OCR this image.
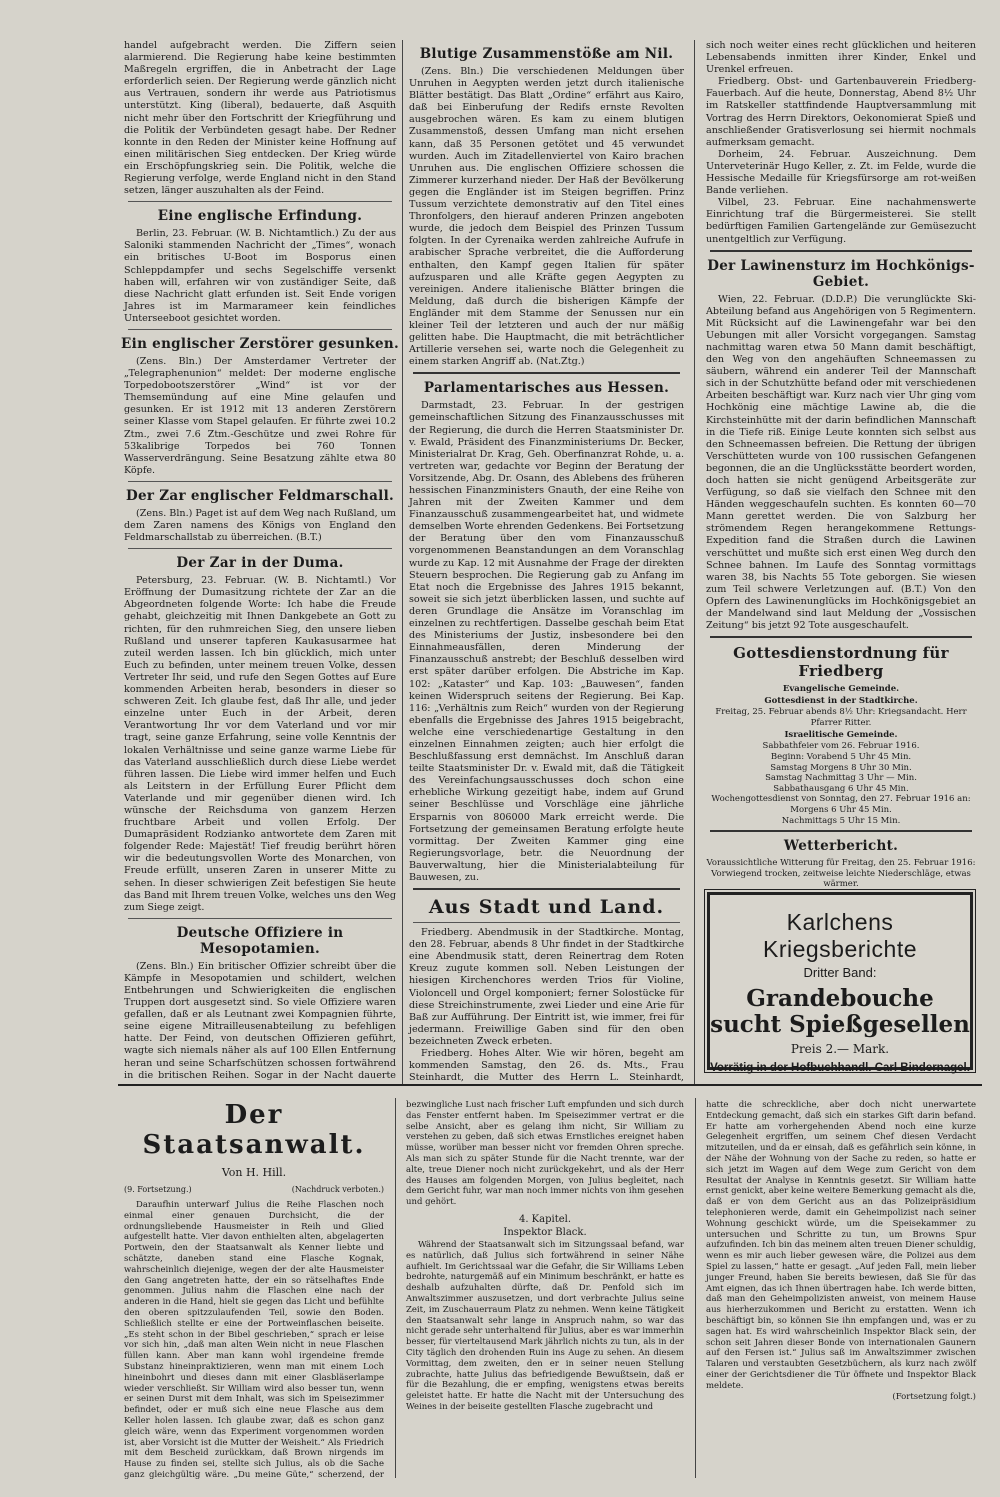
handel aufgebracht werden. Die Ziffern seien alarmierend. Die Regierung habe keine bestimmten Maßregeln ergriffen, die in Anbetracht der Lage erforderlich seien. Der Regierung werde gänzlich nicht aus Vertrauen, sondern ihr werde aus Patriotismus unterstützt. King (liberal), bedauerte, daß Asquith nicht mehr über den Fortschritt der Kriegführung und die Politik der Verbündeten gesagt habe. Der Redner konnte in den Reden der Minister keine Hoffnung auf einen militärischen Sieg entdecken. Der Krieg würde ein Erschöpfungskrieg sein. Die Politik, welche die Regierung verfolge, werde England nicht in den Stand setzen, länger auszuhalten als der Feind.

Eine englische Erfindung.

Berlin, 23. Februar. (W. B. Nichtamtlich.) Zu der aus Saloniki stammenden Nachricht der „Times“, wonach ein britisches U-Boot im Bosporus einen Schleppdampfer und sechs Segelschiffe versenkt haben will, erfahren wir von zuständiger Seite, daß diese Nachricht glatt erfunden ist. Seit Ende vorigen Jahres ist im Marmarameer kein feindliches Unterseeboot gesichtet worden.

Ein englischer Zerstörer gesunken.

(Zens. Bln.) Der Amsterdamer Vertreter der „Telegraphenunion“ meldet: Der moderne englische Torpedobootszerstörer „Wind“ ist vor der Themsemündung auf eine Mine gelaufen und gesunken. Er ist 1912 mit 13 anderen Zerstörern seiner Klasse vom Stapel gelaufen. Er führte zwei 10.2 Ztm., zwei 7.6 Ztm.-Geschütze und zwei Rohre für 53kalibrige Torpedos bei 760 Tonnen Wasserverdrängung. Seine Besatzung zählte etwa 80 Köpfe.

Der Zar englischer Feldmarschall.

(Zens. Bln.) Paget ist auf dem Weg nach Rußland, um dem Zaren namens des Königs von England den Feldmarschallstab zu überreichen. (B.T.)

Der Zar in der Duma.

Petersburg, 23. Februar. (W. B. Nichtamtl.) Vor Eröffnung der Dumasitzung richtete der Zar an die Abgeordneten folgende Worte: Ich habe die Freude gehabt, gleichzeitig mit Ihnen Dankgebete an Gott zu richten, für den ruhmreichen Sieg, den unsere lieben Rußland und unserer tapferen Kaukasusarmee hat zuteil werden lassen. Ich bin glücklich, mich unter Euch zu befinden, unter meinem treuen Volke, dessen Vertreter Ihr seid, und rufe den Segen Gottes auf Eure kommenden Arbeiten herab, besonders in dieser so schweren Zeit. Ich glaube fest, daß Ihr alle, und jeder einzelne unter Euch in der Arbeit, deren Verantwortung Ihr vor dem Vaterland und vor mir tragt, seine ganze Erfahrung, seine volle Kenntnis der lokalen Verhältnisse und seine ganze warme Liebe für das Vaterland ausschließlich durch diese Liebe werdet führen lassen. Die Liebe wird immer helfen und Euch als Leitstern in der Erfüllung Eurer Pflicht dem Vaterlande und mir gegenüber dienen wird. Ich wünsche der Reichsduma von ganzem Herzen fruchtbare Arbeit und vollen Erfolg. Der Dumapräsident Rodzianko antwortete dem Zaren mit folgender Rede: Majestät! Tief freudig berührt hören wir die bedeutungsvollen Worte des Monarchen, von Freude erfüllt, unseren Zaren in unserer Mitte zu sehen. In dieser schwierigen Zeit befestigen Sie heute das Band mit Ihrem treuen Volke, welches uns den Weg zum Siege zeigt.

Deutsche Offiziere in Mesopotamien.

(Zens. Bln.) Ein britischer Offizier schreibt über die Kämpfe in Mesopotamien und schildert, welchen Entbehrungen und Schwierigkeiten die englischen Truppen dort ausgesetzt sind. So viele Offiziere waren gefallen, daß er als Leutnant zwei Kompagnien führte, seine eigene Mitrailleusenabteilung zu befehligen hatte. Der Feind, von deutschen Offizieren geführt, wagte sich niemals näher als auf 100 Ellen Entfernung heran und seine Scharfschützen schossen fortwährend in die britischen Reihen. Sogar in der Nacht dauerte

Blutige Zusammenstöße am Nil.

(Zens. Bln.) Die verschiedenen Meldungen über Unruhen in Aegypten werden jetzt durch italienische Blätter bestätigt. Das Blatt „Ordine“ erfährt aus Kairo, daß bei Einberufung der Redifs ernste Revolten ausgebrochen wären. Es kam zu einem blutigen Zusammenstoß, dessen Umfang man nicht ersehen kann, daß 35 Personen getötet und 45 verwundet wurden. Auch im Zitadellenviertel von Kairo brachen Unruhen aus. Die englischen Offiziere schossen die Zimmerer kurzerhand nieder. Der Haß der Bevölkerung gegen die Engländer ist im Steigen begriffen. Prinz Tussum verzichtete demonstrativ auf den Titel eines Thronfolgers, den hierauf anderen Prinzen angeboten wurde, die jedoch dem Beispiel des Prinzen Tussum folgten. In der Cyrenaika werden zahlreiche Aufrufe in arabischer Sprache verbreitet, die die Aufforderung enthalten, den Kampf gegen Italien für später aufzusparen und alle Kräfte gegen Aegypten zu vereinigen. Andere italienische Blätter bringen die Meldung, daß durch die bisherigen Kämpfe der Engländer mit dem Stamme der Senussen nur ein kleiner Teil der letzteren und auch der nur mäßig gelitten habe. Die Hauptmacht, die mit beträchtlicher Artillerie versehen sei, warte noch die Gelegenheit zu einem starken Angriff ab. (Nat.Ztg.)

Parlamentarisches aus Hessen.

Darmstadt, 23. Februar. In der gestrigen gemeinschaftlichen Sitzung des Finanzausschusses mit der Regierung, die durch die Herren Staatsminister Dr. v. Ewald, Präsident des Finanzministeriums Dr. Becker, Ministerialrat Dr. Krag, Geh. Oberfinanzrat Rohde, u. a. vertreten war, gedachte vor Beginn der Beratung der Vorsitzende, Abg. Dr. Osann, des Ablebens des früheren hessischen Finanzministers Gnauth, der eine Reihe von Jahren mit der Zweiten Kammer und dem Finanzausschuß zusammengearbeitet hat, und widmete demselben Worte ehrenden Gedenkens. Bei Fortsetzung der Beratung über den vom Finanzausschuß vorgenommenen Beanstandungen an dem Voranschlag wurde zu Kap. 12 mit Ausnahme der Frage der direkten Steuern besprochen. Die Regierung gab zu Anfang im Etat noch die Ergebnisse des Jahres 1915 bekannt, soweit sie sich jetzt überblicken lassen, und suchte auf deren Grundlage die Ansätze im Voranschlag im einzelnen zu rechtfertigen. Dasselbe geschah beim Etat des Ministeriums der Justiz, insbesondere bei den Einnahmeausfällen, deren Minderung der Finanzausschuß anstrebt; der Beschluß desselben wird erst später darüber erfolgen. Die Abstriche im Kap. 102: „Kataster“ und Kap. 103: „Bauwesen“, fanden keinen Widerspruch seitens der Regierung. Bei Kap. 116: „Verhältnis zum Reich“ wurden von der Regierung ebenfalls die Ergebnisse des Jahres 1915 beigebracht, welche eine verschiedenartige Gestaltung in den einzelnen Einnahmen zeigten; auch hier erfolgt die Beschlußfassung erst demnächst. Im Anschluß daran teilte Staatsminister Dr. v. Ewald mit, daß die Tätigkeit des Vereinfachungsausschusses doch schon eine erhebliche Wirkung gezeitigt habe, indem auf Grund seiner Beschlüsse und Vorschläge eine jährliche Ersparnis von 806000 Mark erreicht werde. Die Fortsetzung der gemeinsamen Beratung erfolgte heute vormittag. Der Zweiten Kammer ging eine Regierungsvorlage, betr. die Neuordnung der Bauverwaltung, hier die Ministerialabteilung für Bauwesen, zu.

Aus Stadt und Land.

Friedberg. Abendmusik in der Stadtkirche. Montag, den 28. Februar, abends 8 Uhr findet in der Stadtkirche eine Abendmusik statt, deren Reinertrag dem Roten Kreuz zugute kommen soll. Neben Leistungen der hiesigen Kirchenchores werden Trios für Violine, Violoncell und Orgel komponiert; ferner Solostücke für diese Streichinstrumente, zwei Lieder und eine Arie für Baß zur Aufführung. Der Eintritt ist, wie immer, frei für jedermann. Freiwillige Gaben sind für den oben bezeichneten Zweck erbeten.

Friedberg. Hohes Alter. Wie wir hören, begeht am kommenden Samstag, den 26. ds. Mts., Frau Steinhardt, die Mutter des Herrn L. Steinhardt,

sich noch weiter eines recht glücklichen und heiteren Lebensabends inmitten ihrer Kinder, Enkel und Urenkel erfreuen.

Friedberg. Obst- und Gartenbauverein Friedberg-Fauerbach. Auf die heute, Donnerstag, Abend 8½ Uhr im Ratskeller stattfindende Hauptversammlung mit Vortrag des Herrn Direktors, Oekonomierat Spieß und anschließender Gratisverlosung sei hiermit nochmals aufmerksam gemacht.

Dorheim, 24. Februar. Auszeichnung. Dem Unterveterinär Hugo Keller, z. Zt. im Felde, wurde die Hessische Medaille für Kriegsfürsorge am rot-weißen Bande verliehen.

Vilbel, 23. Februar. Eine nachahmenswerte Einrichtung traf die Bürgermeisterei. Sie stellt bedürftigen Familien Gartengelände zur Gemüsezucht unentgeltlich zur Verfügung.

Der Lawinensturz im Hochkönigs-Gebiet.

Wien, 22. Februar. (D.D.P.) Die verunglückte Ski-Abteilung befand aus Angehörigen von 5 Regimentern. Mit Rücksicht auf die Lawinengefahr war bei den Uebungen mit aller Vorsicht vorgegangen. Samstag nachmittag waren etwa 50 Mann damit beschäftigt, den Weg von den angehäuften Schneemassen zu säubern, während ein anderer Teil der Mannschaft sich in der Schutzhütte befand oder mit verschiedenen Arbeiten beschäftigt war. Kurz nach vier Uhr ging vom Hochkönig eine mächtige Lawine ab, die die Kirchsteinhütte mit der darin befindlichen Mannschaft in die Tiefe riß. Einige Leute konnten sich selbst aus den Schneemassen befreien. Die Rettung der übrigen Verschütteten wurde von 100 russischen Gefangenen begonnen, die an die Unglücksstätte beordert worden, doch hatten sie nicht genügend Arbeitsgeräte zur Verfügung, so daß sie vielfach den Schnee mit den Händen weggeschaufeln suchten. Es konnten 60—70 Mann gerettet werden. Die von Salzburg her strömendem Regen herangekommene Rettungs-Expedition fand die Straßen durch die Lawinen verschüttet und mußte sich erst einen Weg durch den Schnee bahnen. Im Laufe des Sonntag vormittags waren 38, bis Nachts 55 Tote geborgen. Sie wiesen zum Teil schwere Verletzungen auf. (B.T.) Von den Opfern des Lawinenunglücks im Hochkönigsgebiet an der Mandelwand sind laut Meldung der „Vossischen Zeitung“ bis jetzt 92 Tote ausgeschaufelt.

Gottesdienstordnung für Friedberg
Evangelische Gemeinde.
Gottesdienst in der Stadtkirche.
Freitag, 25. Februar abends 8½ Uhr: Kriegsandacht. Herr Pfarrer Ritter.
Israelitische Gemeinde.
Sabbathfeier vom 26. Februar 1916.
Beginn: Vorabend 5 Uhr 45 Min.
Samstag Morgens 8 Uhr 30 Min.
Samstag Nachmittag 3 Uhr — Min.
Sabbathausgang 6 Uhr 45 Min.
Wochengottesdienst von Sonntag, den 27. Februar 1916 an:
Morgens 6 Uhr 45 Min.
Nachmittags 5 Uhr 15 Min.
Wetterbericht.
Voraussichtliche Witterung für Freitag, den 25. Februar 1916:
Vorwiegend trocken, zeitweise leichte Niederschläge, etwas wärmer.
Karlchens Kriegsberichte
Dritter Band:
Grandebouche
sucht Spießgesellen
Preis 2.— Mark.
Vorrätig in der Hofbuchhandl. Carl Bindernagel.
Der Staatsanwalt.
Von H. Hill.
(9. Fortsetzung.)	(Nachdruck verboten.)

Daraufhin unterwarf Julius die Reihe Flaschen noch einmal einer genauen Durchsicht, die der ordnungsliebende Hausmeister in Reih und Glied aufgestellt hatte. Vier davon enthielten alten, abgelagerten Portwein, den der Staatsanwalt als Kenner liebte und schätzte, daneben stand eine Flasche Kognak, wahrscheinlich diejenige, wegen der der alte Hausmeister den Gang angetreten hatte, der ein so rätselhaftes Ende genommen. Julius nahm die Flaschen eine nach der anderen in die Hand, hielt sie gegen das Licht und befühlte den oberen spitzzulaufenden Teil, sowie den Boden. Schließlich stellte er eine der Portweinflaschen beiseite. „Es steht schon in der Bibel geschrieben,“ sprach er leise vor sich hin, „daß man alten Wein nicht in neue Flaschen füllen kann. Aber man kann wohl irgendeine fremde Substanz hineinpraktizieren, wenn man mit einem Loch hineinbohrt und dieses dann mit einer Glasbläserlampe wieder verschließt. Sir William wird also besser tun, wenn er seinen Durst mit dem Inhalt, was sich im Speisezimmer befindet, oder er muß sich eine neue Flasche aus dem Keller holen lassen. Ich glaube zwar, daß es schon ganz gleich wäre, wenn das Experiment vorgenommen worden ist, aber Vorsicht ist die Mutter der Weisheit.“ Als Friedrich mit dem Bescheid zurückkam, daß Brown nirgends im Hause zu finden sei, stellte sich Julius, als ob die Sache ganz gleichgültig wäre. „Du meine Güte,“ scherzend, der

bezwingliche Lust nach frischer Luft empfunden und sich durch das Fenster entfernt haben. Im Speisezimmer vertrat er die selbe Ansicht, aber es gelang ihm nicht, Sir William zu verstehen zu geben, daß sich etwas Ernstliches ereignet haben müsse, worüber man besser nicht vor fremden Ohren spreche. Als man sich zu später Stunde für die Nacht trennte, war der alte, treue Diener noch nicht zurückgekehrt, und als der Herr des Hauses am folgenden Morgen, von Julius begleitet, nach dem Gericht fuhr, war man noch immer nichts von ihm gesehen und gehört.

4. Kapitel.
Inspektor Black.

Während der Staatsanwalt sich im Sitzungssaal befand, war es natürlich, daß Julius sich fortwährend in seiner Nähe aufhielt. Im Gerichtssaal war die Gefahr, die Sir Williams Leben bedrohte, naturgemäß auf ein Minimum beschränkt, er hatte es deshalb aufzuhalten dürfte, daß Dr. Penfold sich im Anwaltszimmer auszusetzen, und dort verbrachte Julius seine Zeit, im Zuschauerraum Platz zu nehmen. Wenn keine Tätigkeit den Staatsanwalt sehr lange in Anspruch nahm, so war das nicht gerade sehr unterhaltend für Julius, aber es war immerhin besser, für vierteltausend Mark jährlich nichts zu tun, als in der City täglich den drohenden Ruin ins Auge zu sehen. An diesem Vormittag, dem zweiten, den er in seiner neuen Stellung zubrachte, hatte Julius das befriedigende Bewußtsein, daß er für die Bezahlung, die er empfing, wenigstens etwas bereits geleistet hatte. Er hatte die Nacht mit der Untersuchung des Weines in der beiseite gestellten Flasche zugebracht und

hatte die schreckliche, aber doch nicht unerwartete Entdeckung gemacht, daß sich ein starkes Gift darin befand. Er hatte am vorhergehenden Abend noch eine kurze Gelegenheit ergriffen, um seinem Chef diesen Verdacht mitzuteilen, und da er einsah, daß es gefährlich sein könne, in der Nähe der Wohnung von der Sache zu reden, so hatte er sich jetzt im Wagen auf dem Wege zum Gericht von dem Resultat der Analyse in Kenntnis gesetzt. Sir William hatte ernst genickt, aber keine weitere Bemerkung gemacht als die, daß er von dem Gericht aus an das Polizeipräsidium telephonieren werde, damit ein Geheimpolizist nach seiner Wohnung geschickt würde, um die Speisekammer zu untersuchen und Schritte zu tun, um Browns Spur aufzufinden. Ich bin das meinem alten treuen Diener schuldig, wenn es mir auch lieber gewesen wäre, die Polizei aus dem Spiel zu lassen,“ hatte er gesagt. „Auf jeden Fall, mein lieber junger Freund, haben Sie bereits bewiesen, daß Sie für das Amt eignen, das ich Ihnen übertragen habe. Ich werde bitten, daß man den Geheimpolizisten anweist, von meinem Hause aus hierherzukommen und Bericht zu erstatten. Wenn ich beschäftigt bin, so können Sie ihn empfangen und, was er zu sagen hat. Es wird wahrscheinlich Inspektor Black sein, der schon seit Jahren dieser Bonde von internationalen Gaunern auf den Fersen ist.“ Julius saß im Anwaltszimmer zwischen Talaren und verstaubten Gesetzbüchern, als kurz nach zwölf einer der Gerichtsdiener die Tür öffnete und Inspektor Black meldete.

(Fortsetzung folgt.)
